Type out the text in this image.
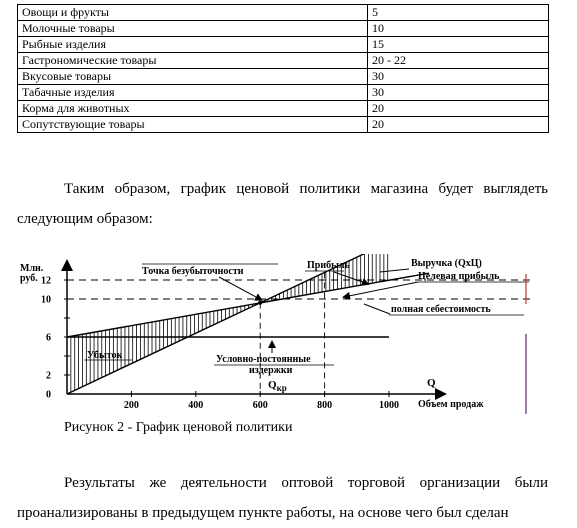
Овощи и фрукты	5
Молочные товары	10
Рыбные изделия	15
Гастрономические товары	20 - 22
Вкусовые товары	30
Табачные изделия	30
Корма для животных	20
Сопутствующие товары	20

Таким образом, график ценовой политики магазина будет выглядеть следующим образом:

0
2
6
10
12
200	400	600	800	1000
Млн. руб.
Q
Объем продаж
Точка безубыточности
Прибыль	Выручка (QхЦ)
Целевая прибыль
полная себестоимость
Убыток	Условно-постоянные
издержки
$Q_{кр}$

Рисунок 2 - График ценовой политики

Результаты же деятельности оптовой торговой организации были проанализированы в предыдущем пункте работы, на основе чего был сделан
